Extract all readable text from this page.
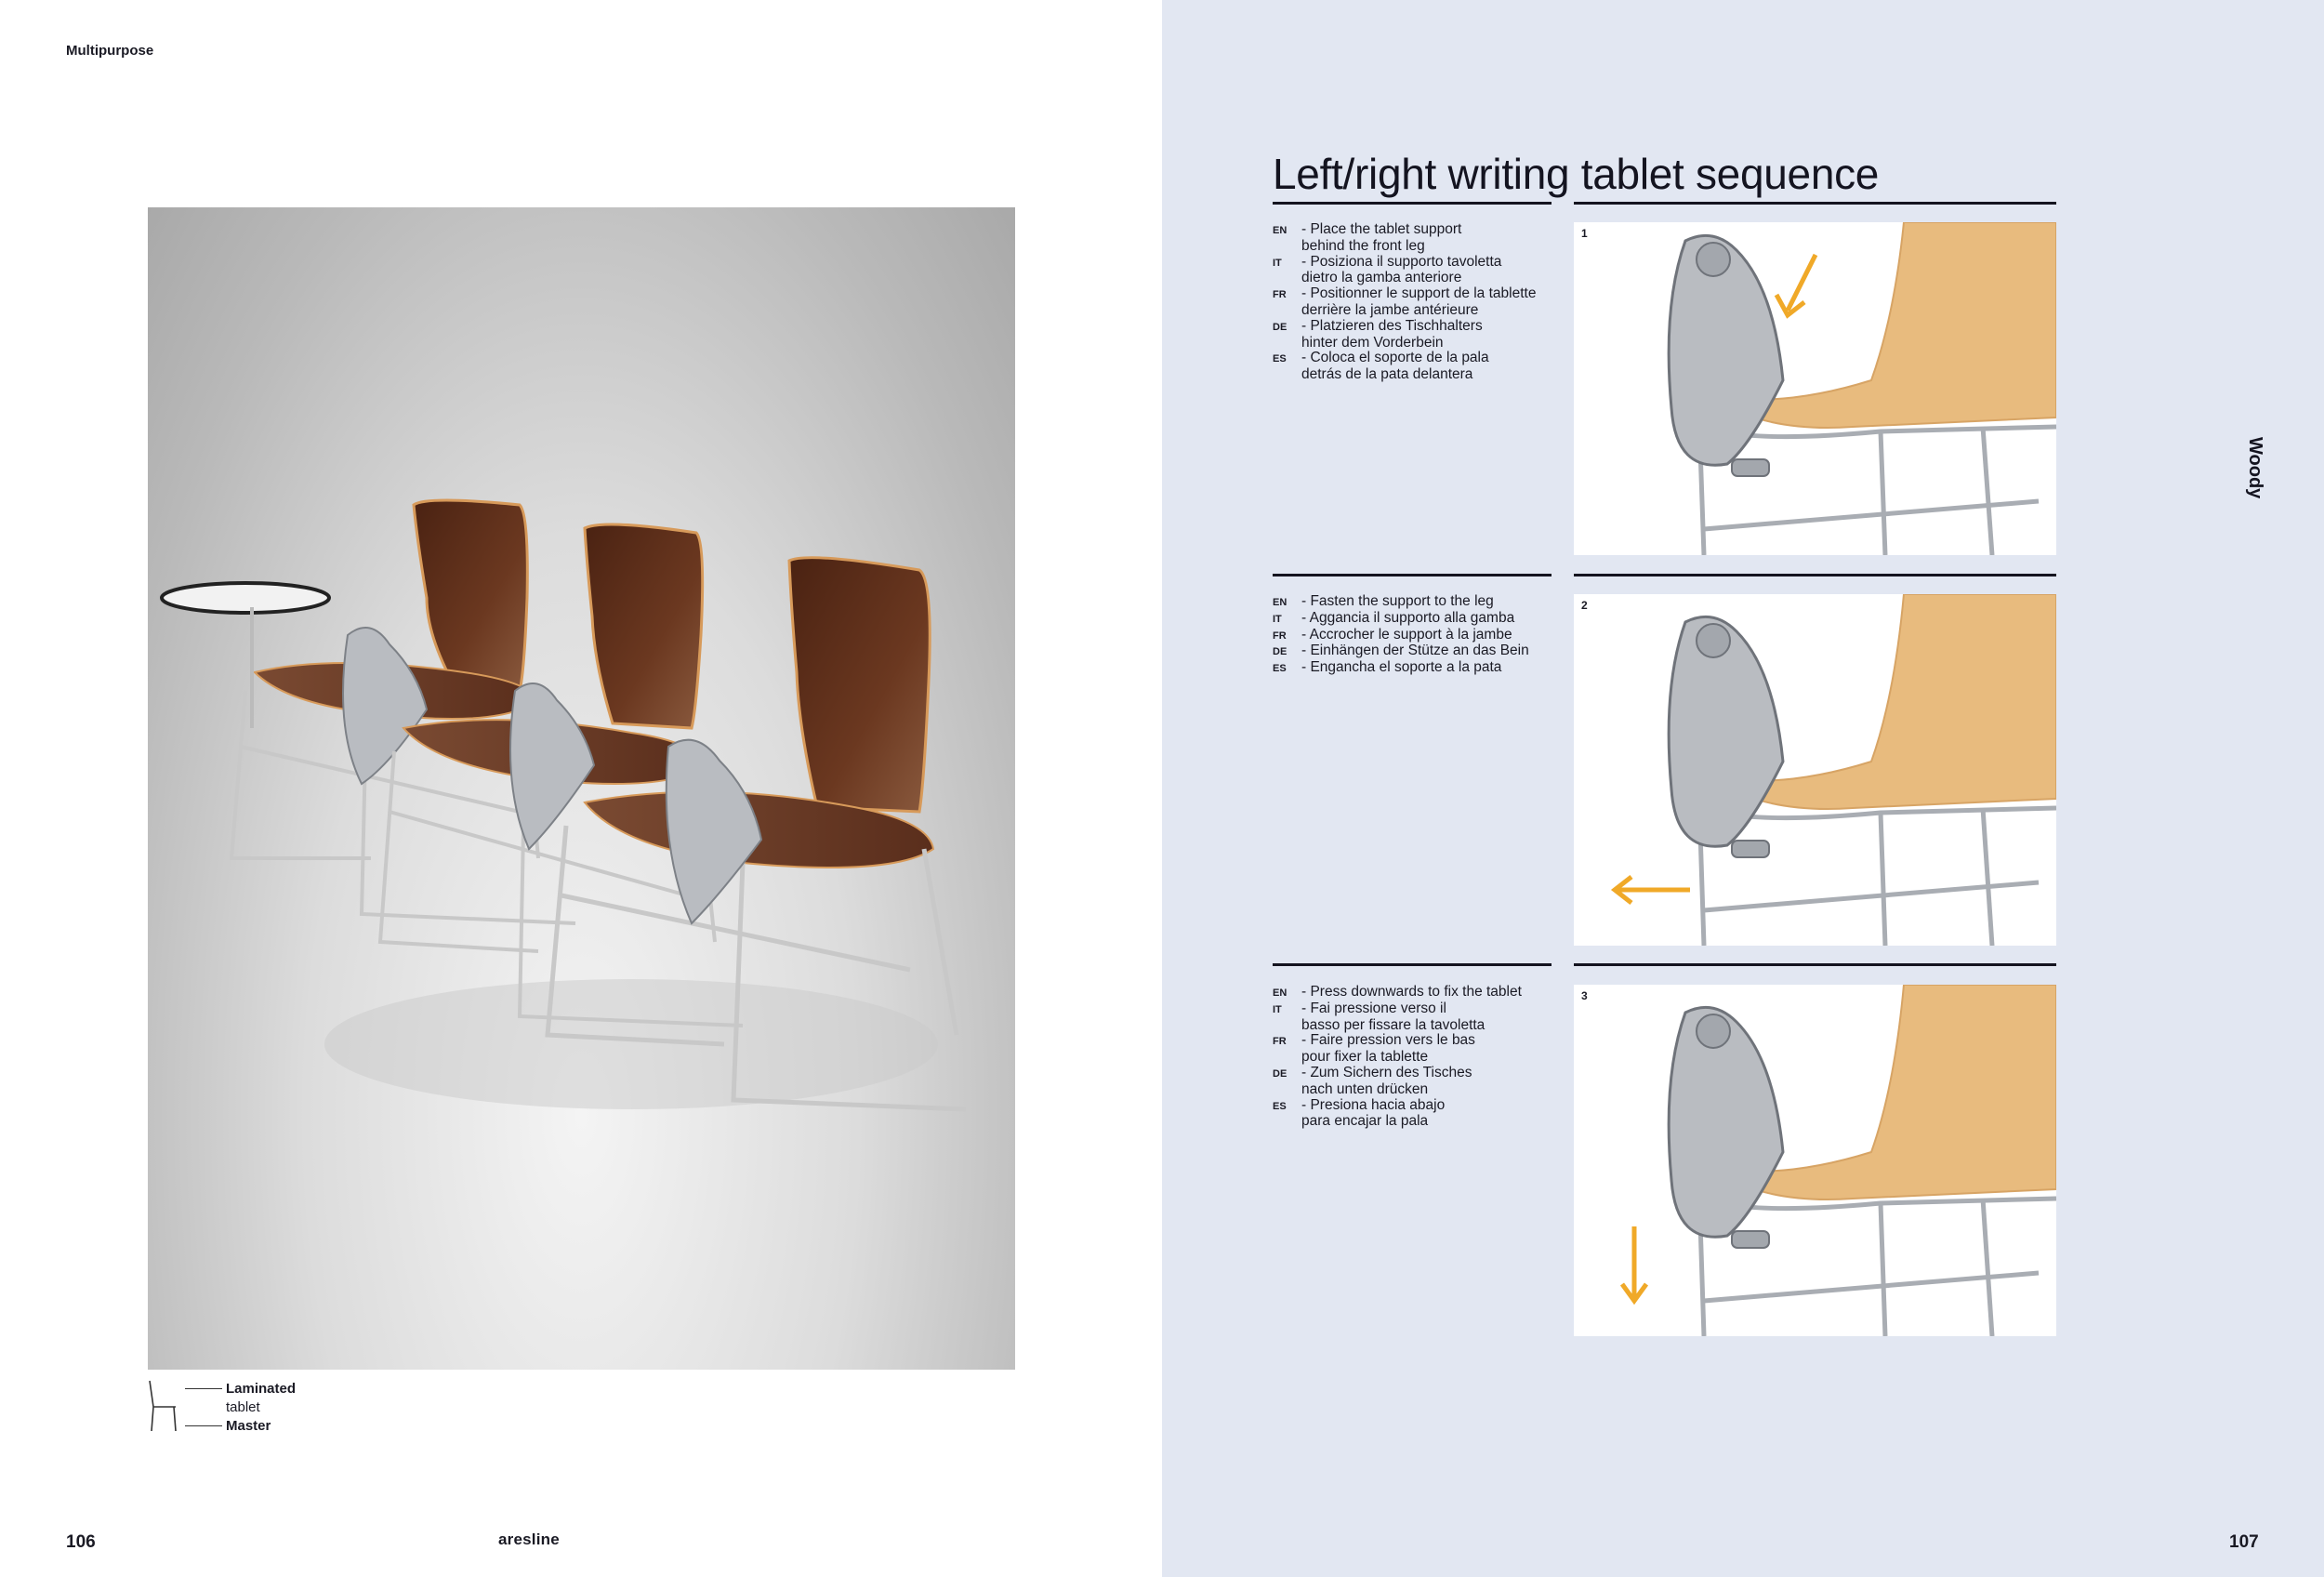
Multipurpose
Laminated
tablet
Master
106	aresline
Left/right writing tablet sequence
Woody
EN	- Place the tablet support
behind the front leg
IT	- Posiziona il supporto tavoletta
dietro la gamba anteriore
FR	- Positionner le support de la tablette
derrière la jambe antérieure
DE	- Platzieren des Tischhalters
hinter dem Vorderbein
ES	- Coloca el soporte de la pala
detrás de la pata delantera
1
EN	- Fasten the support to the leg
IT	- Aggancia il supporto alla gamba
FR	- Accrocher le support à la jambe
DE	- Einhängen der Stütze an das Bein
ES	- Engancha el soporte a la pata
2
EN	- Press downwards to fix the tablet
IT	- Fai pressione verso il
basso per fissare la tavoletta
FR	- Faire pression vers le bas
pour fixer la tablette
DE	- Zum Sichern des Tisches
nach unten drücken
ES	- Presiona hacia abajo
para encajar la pala
3
107
